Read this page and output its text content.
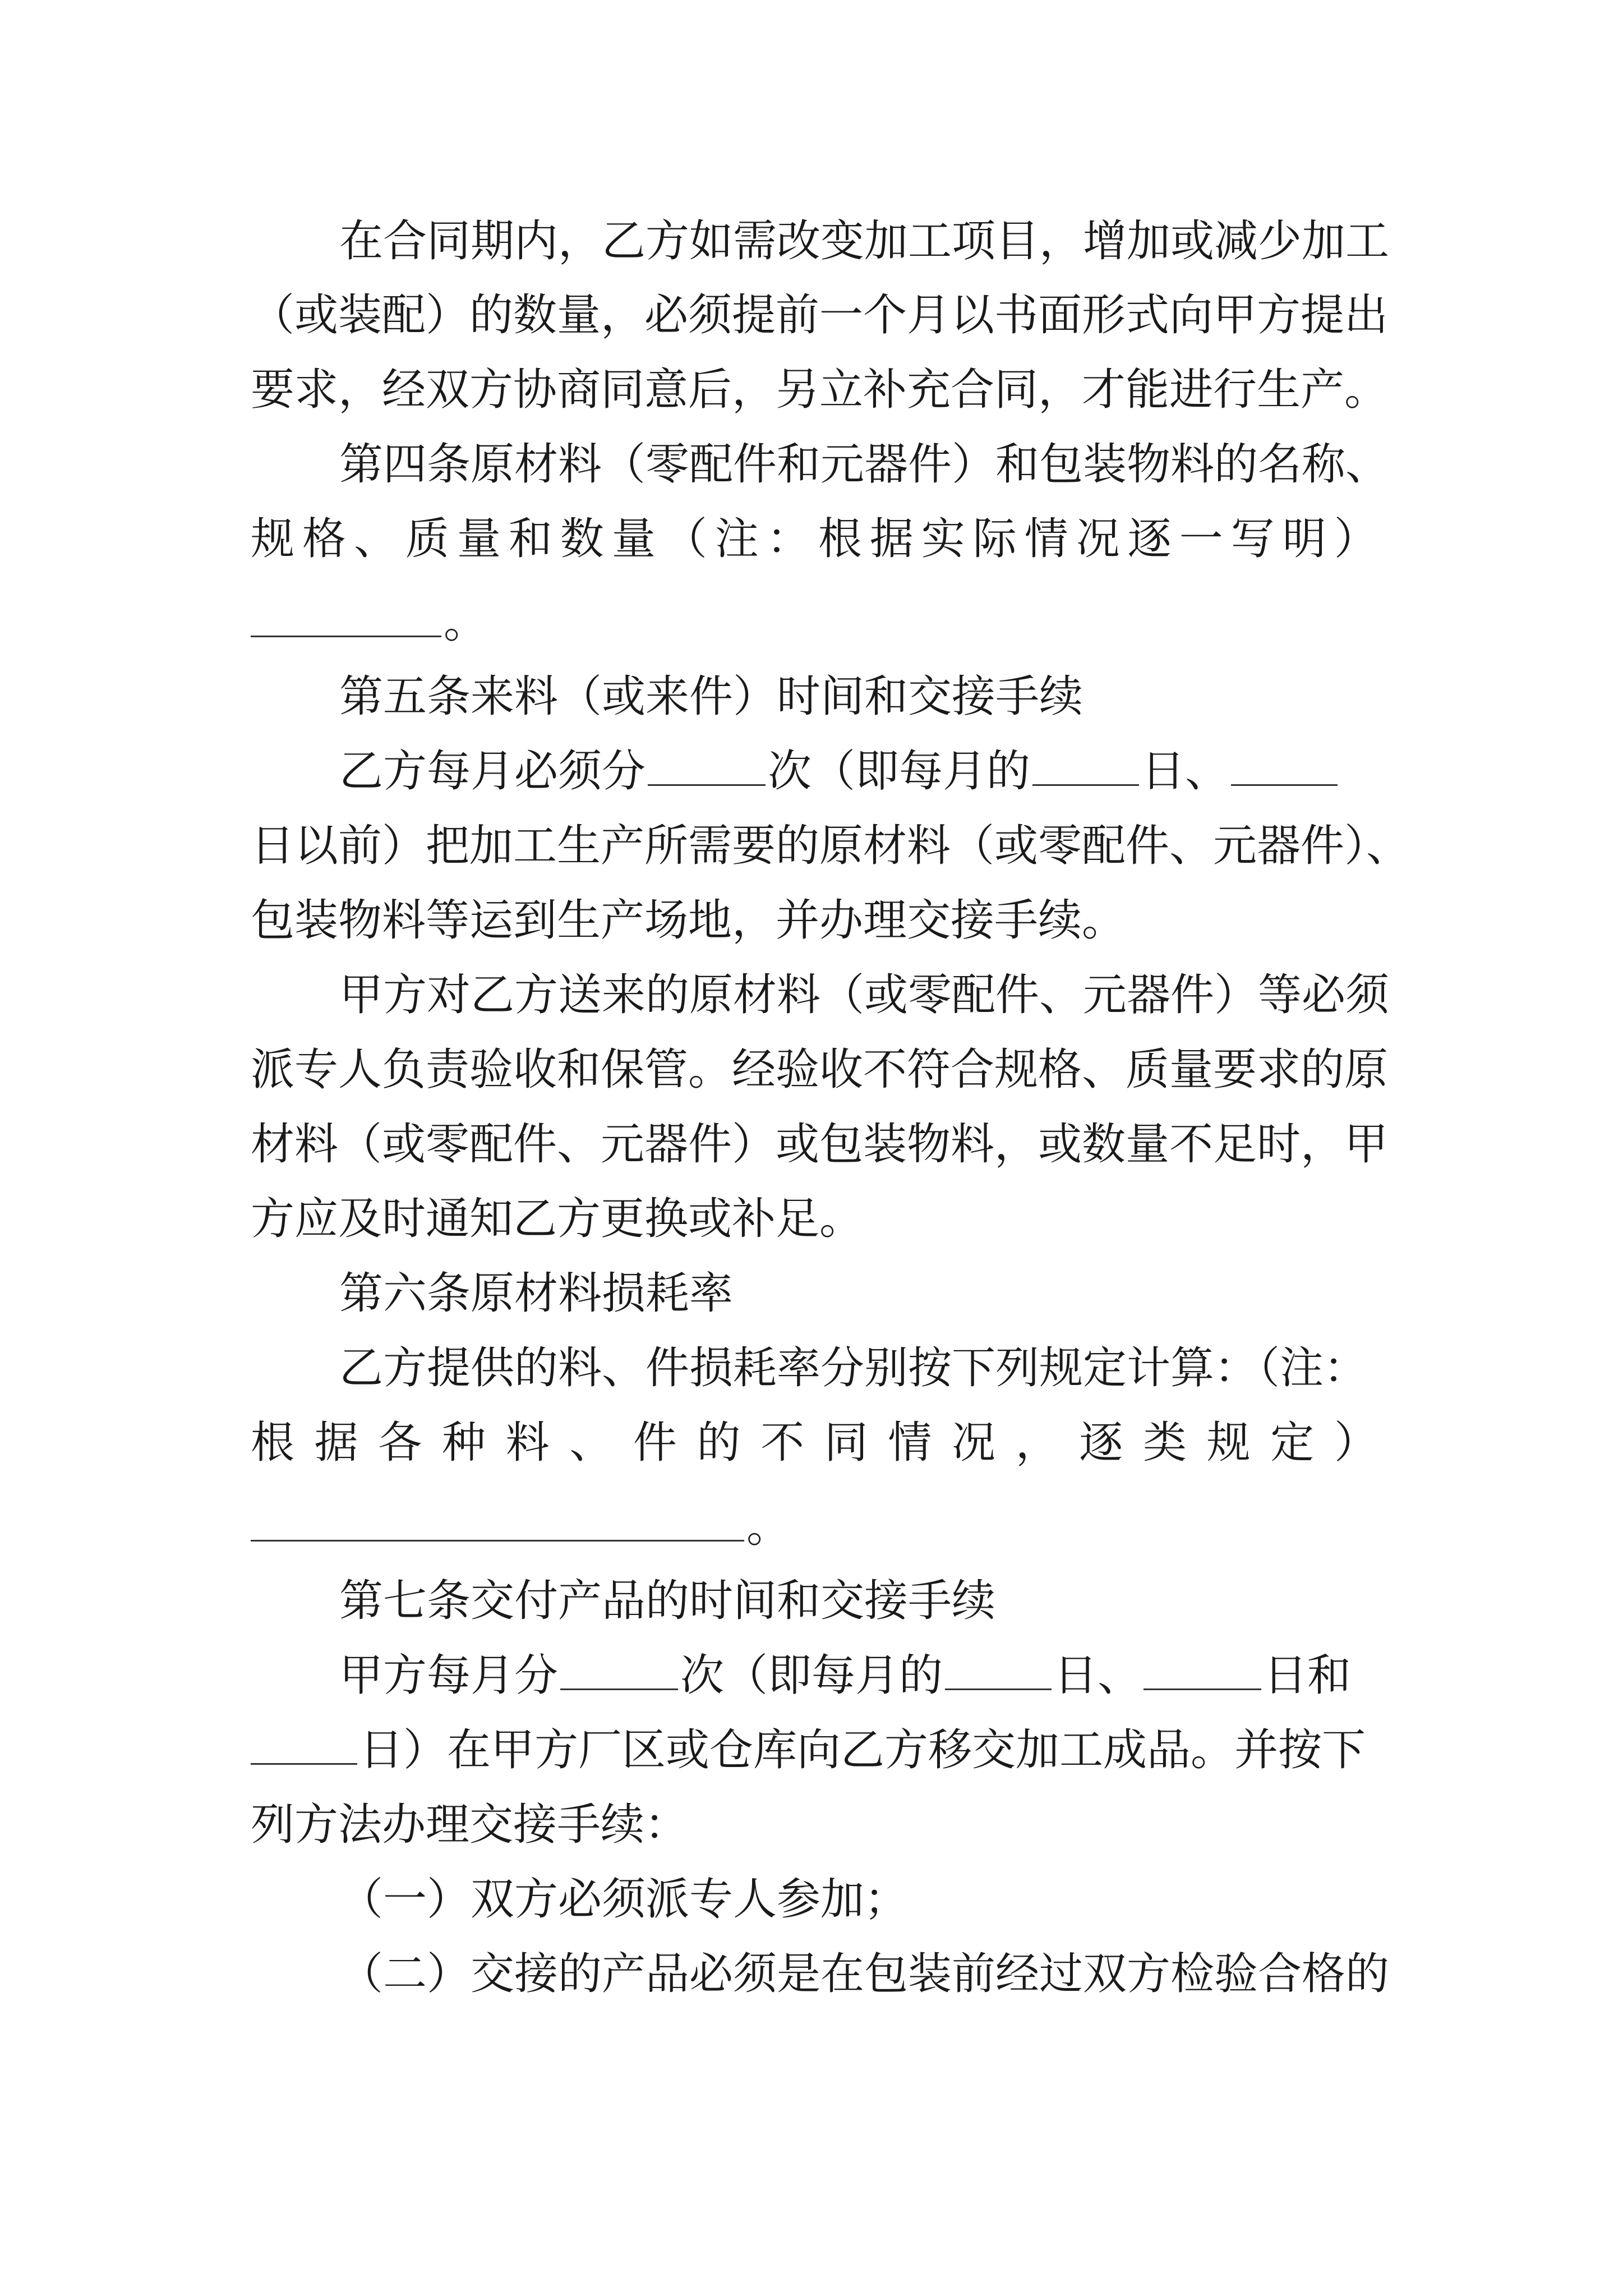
在合同期内，乙方如需改变加工项目，增加或减少加工
（或装配）的数量，必须提前一个月以书面形式向甲方提出
要求，经双方协商同意后，另立补充合同，才能进行生产。
第四条原材料（零配件和元器件）和包装物料的名称、
规 格 、 质 量 和 数 量 （ 注 ： 根 据 实 际 情 况 逐 一 写 明 ）
。
第五条来料（或来件）时间和交接手续
乙方每月必须分	次（即每月的	日、
日以前）把加工生产所需要的原材料（或零配件、元器件）、
包装物料等运到生产场地，并办理交接手续。
甲方对乙方送来的原材料（或零配件、元器件）等必须
派专人负责验收和保管。经验收不符合规格、质量要求的原
材料（或零配件、元器件）或包装物料，或数量不足时，甲
方应及时通知乙方更换或补足。
第六条原材料损耗率
乙方提供的料、件损耗率分别按下列规定计算：（注：
根 据 各 种 料 、 件 的 不 同 情 况 ， 逐 类 规 定 ）
。
第七条交付产品的时间和交接手续
甲方每月分	次（即每月的	日、	日和
日）在甲方厂区或仓库向乙方移交加工成品。并按下
列方法办理交接手续：
（一）双方必须派专人参加；
（二）交接的产品必须是在包装前经过双方检验合格的
